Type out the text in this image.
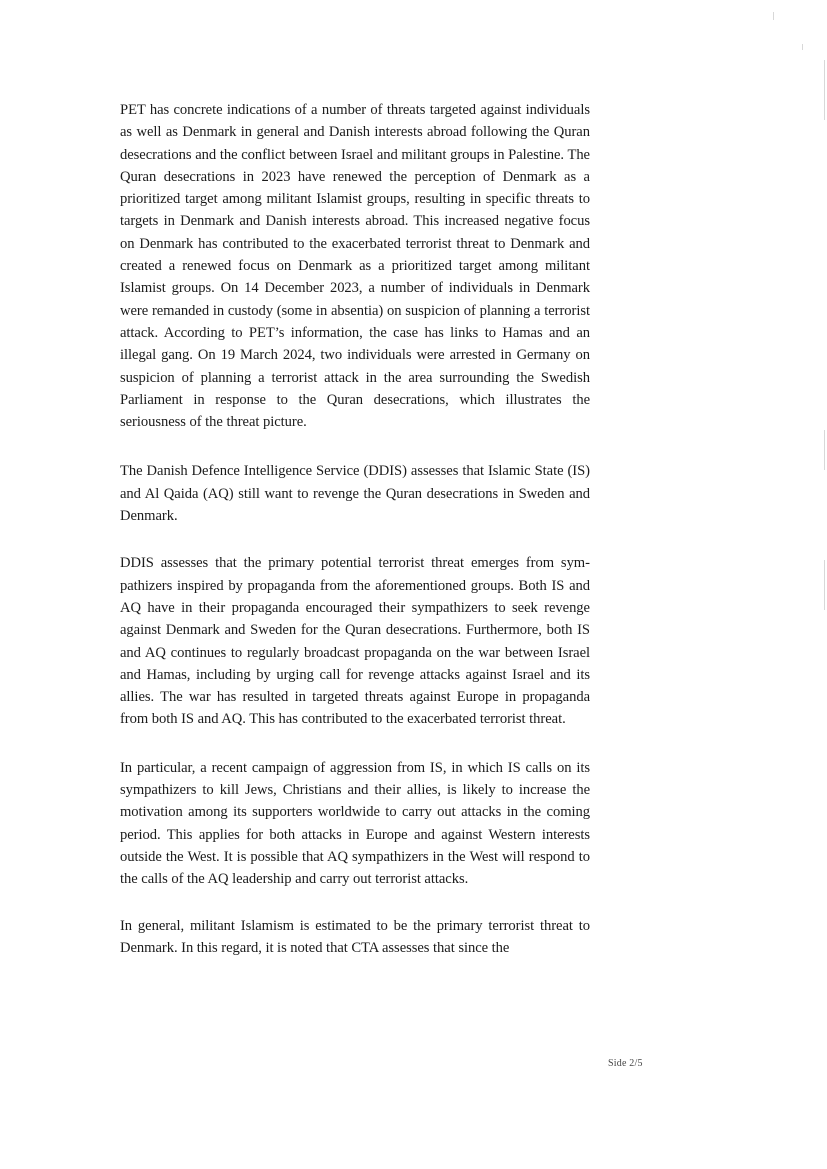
PET has concrete indications of a number of threats targeted against individuals as well as Denmark in general and Danish interests abroad following the Quran desecrations and the conflict between Israel and militant groups in Palestine. The Quran desecrations in 2023 have renewed the perception of Denmark as a prioritized target among militant Islamist groups, resulting in specific threats to targets in Denmark and Danish interests abroad. This increased negative focus on Denmark has contributed to the exacerbated terrorist threat to Denmark and created a renewed focus on Denmark as a prioritized target among militant Islamist groups. On 14 December 2023, a number of individuals in Denmark were remanded in custody (some in absentia) on suspicion of planning a terrorist attack. According to PET’s information, the case has links to Hamas and an illegal gang. On 19 March 2024, two individuals were arrested in Germany on suspicion of planning a terrorist attack in the area surrounding the Swedish Parliament in response to the Quran desecrations, which illustrates the seriousness of the threat picture.

The Danish Defence Intelligence Service (DDIS) assesses that Islamic State (IS) and Al Qaida (AQ) still want to revenge the Quran desecrations in Sweden and Denmark.

DDIS assesses that the primary potential terrorist threat emerges from sympathizers inspired by propaganda from the aforementioned groups. Both IS and AQ have in their propaganda encouraged their sympathizers to seek revenge against Denmark and Sweden for the Quran desecrations. Furthermore, both IS and AQ continues to regularly broadcast propaganda on the war between Israel and Hamas, including by urging call for revenge attacks against Israel and its allies. The war has resulted in targeted threats against Europe in propaganda from both IS and AQ. This has contributed to the exacerbated terrorist threat.

In particular, a recent campaign of aggression from IS, in which IS calls on its sympathizers to kill Jews, Christians and their allies, is likely to increase the motivation among its supporters worldwide to carry out attacks in the coming period. This applies for both attacks in Europe and against Western interests outside the West. It is possible that AQ sympathizers in the West will respond to the calls of the AQ leadership and carry out terrorist attacks.

In general, militant Islamism is estimated to be the primary terrorist threat to Denmark. In this regard, it is noted that CTA assesses that since the

Side 2/5
